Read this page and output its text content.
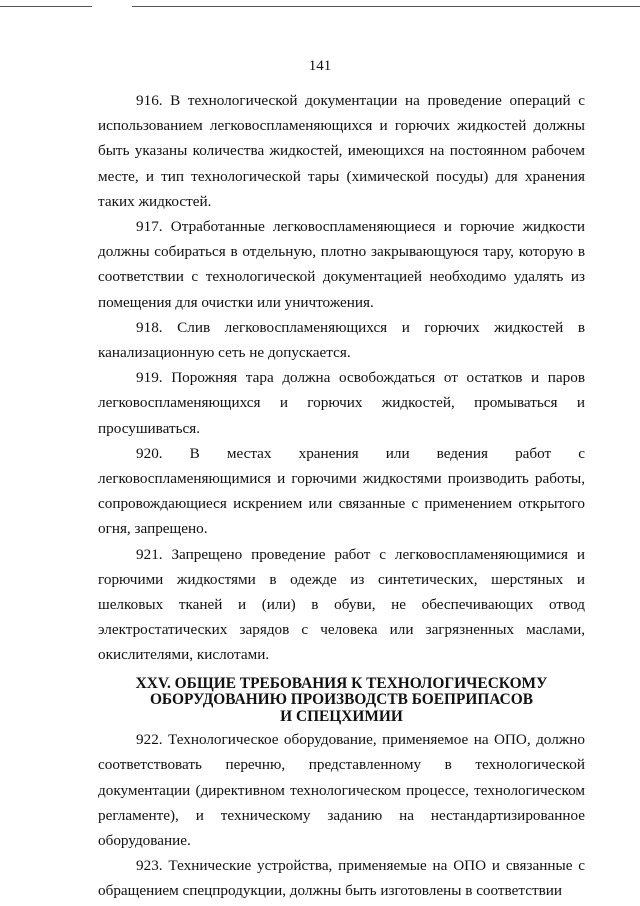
141

916. В технологической документации на проведение операций с использованием легковоспламеняющихся и горючих жидкостей должны быть указаны количества жидкостей, имеющихся на постоянном рабочем месте, и тип технологической тары (химической посуды) для хранения таких жидкостей.

917. Отработанные легковоспламеняющиеся и горючие жидкости должны собираться в отдельную, плотно закрывающуюся тару, которую в соответствии с технологической документацией необходимо удалять из помещения для очистки или уничтожения.

918. Слив легковоспламеняющихся и горючих жидкостей в канализационную сеть не допускается.

919. Порожняя тара должна освобождаться от остатков и паров легковоспламеняющихся и горючих жидкостей, промываться и просушиваться.

920. В местах хранения или ведения работ с легковоспламеняющимися и горючими жидкостями производить работы, сопровождающиеся искрением или связанные с применением открытого огня, запрещено.

921. Запрещено проведение работ с легковоспламеняющимися и горючими жидкостями в одежде из синтетических, шерстяных и шелковых тканей и (или) в обуви, не обеспечивающих отвод электростатических зарядов с человека или загрязненных маслами, окислителями, кислотами.

XXV. ОБЩИЕ ТРЕБОВАНИЯ К ТЕХНОЛОГИЧЕСКОМУ
ОБОРУДОВАНИЮ ПРОИЗВОДСТВ БОЕПРИПАСОВ
И СПЕЦХИМИИ

922. Технологическое оборудование, применяемое на ОПО, должно соответствовать перечню, представленному в технологической документации (директивном технологическом процессе, технологическом регламенте), и техническому заданию на нестандартизированное оборудование.

923. Технические устройства, применяемые на ОПО и связанные с обращением спецпродукции, должны быть изготовлены в соответствии
